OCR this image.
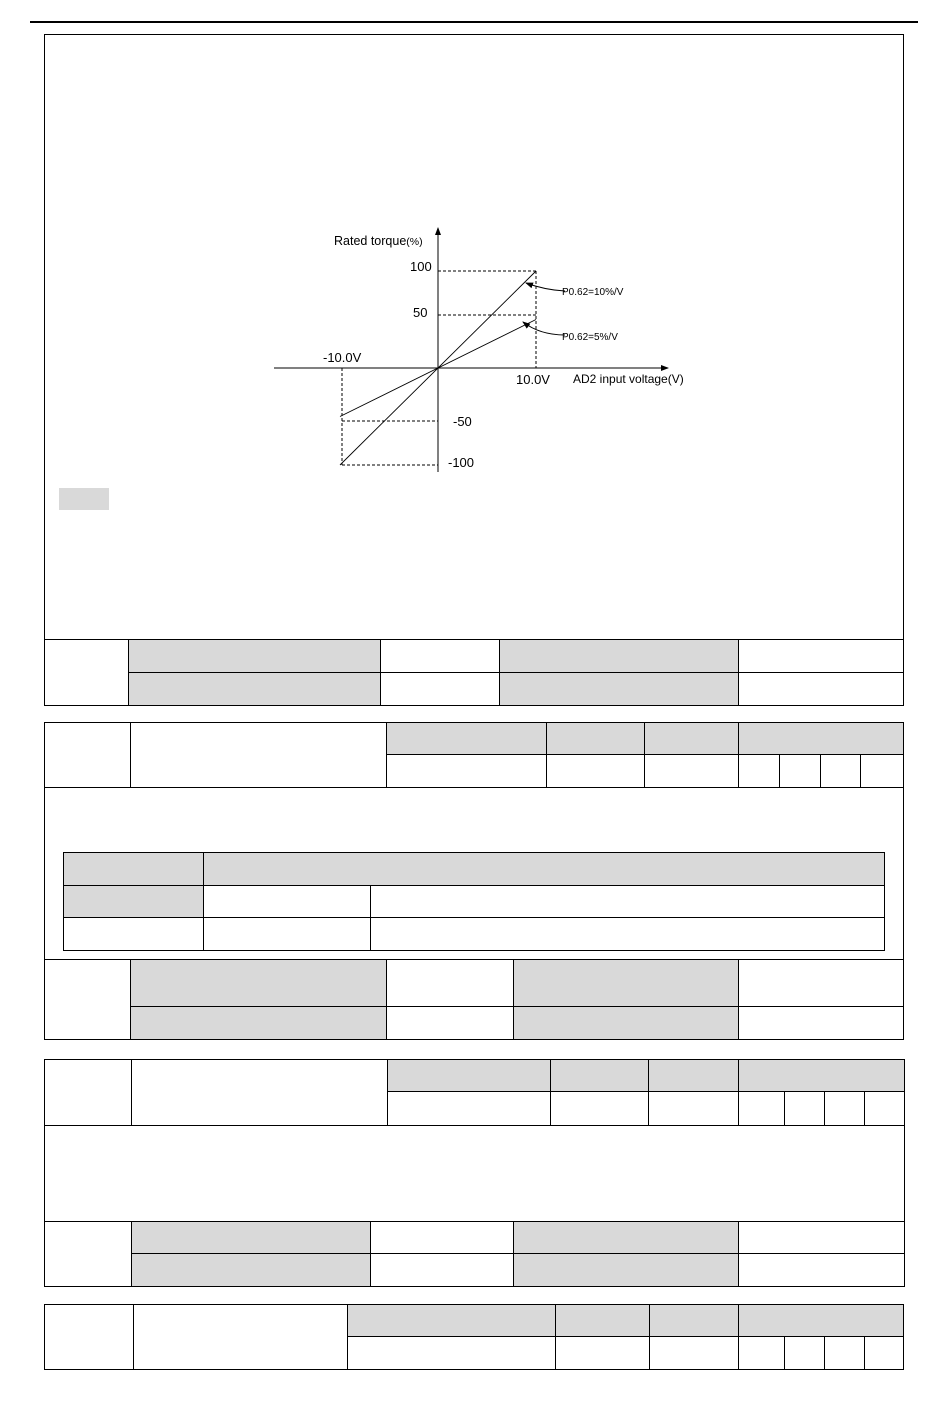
Rated torque(%)
100
50
-50
-100
-10.0V
10.0V AD2 input voltage(V)
P0.62=10%/V
P0.62=5%/V
